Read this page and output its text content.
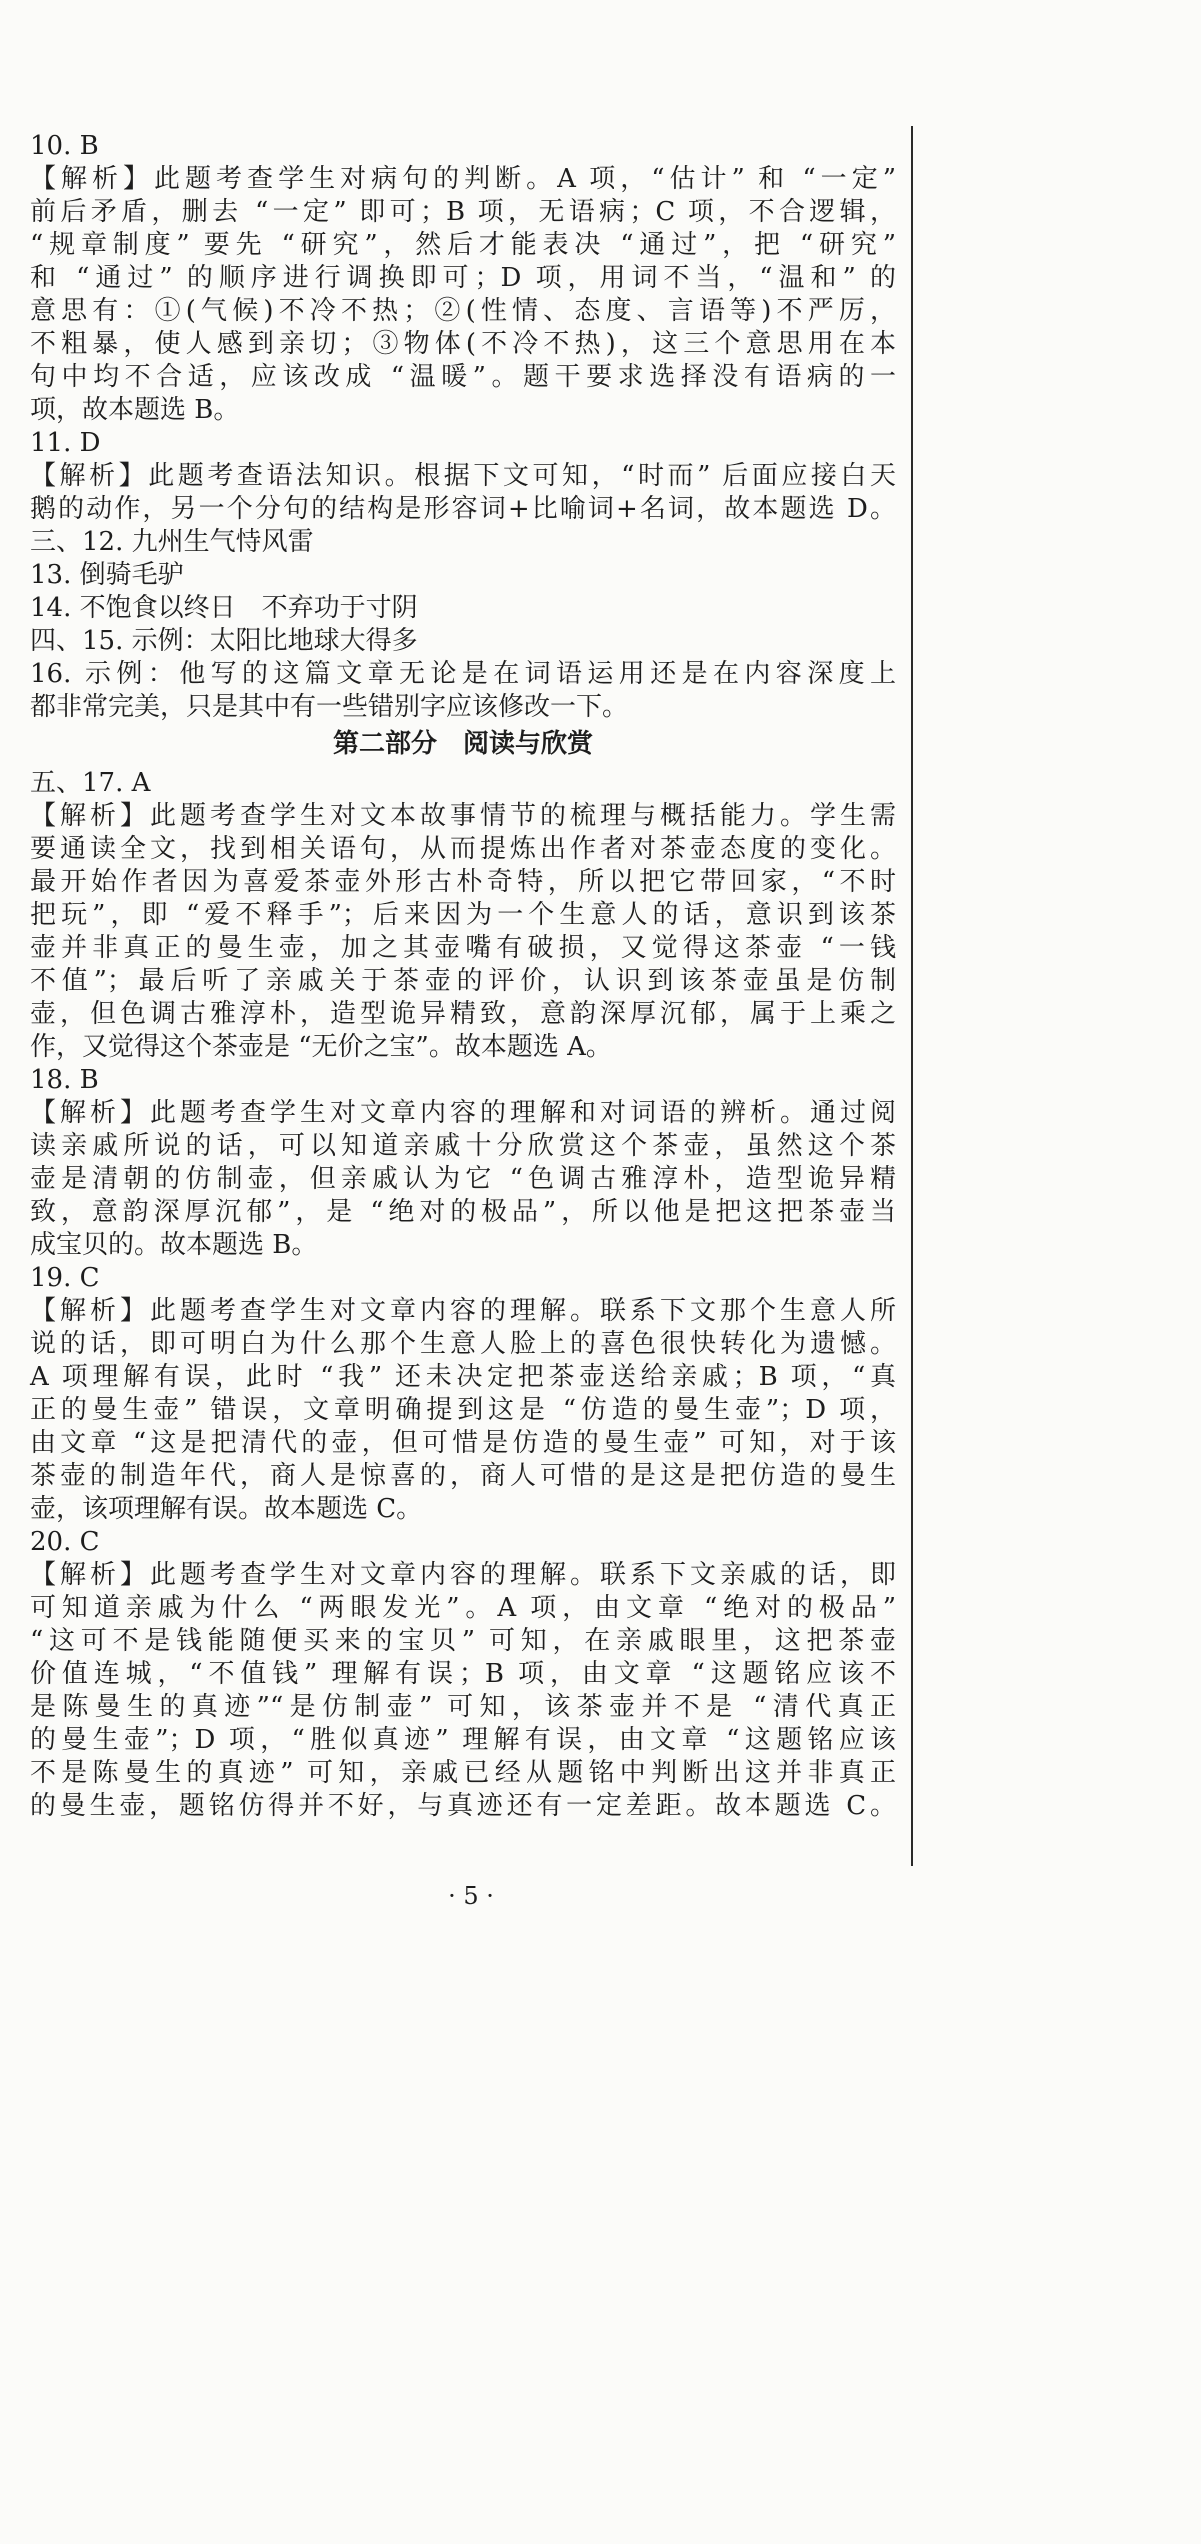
10. B
【解析】此题考查学生对病句的判断。A 项，“估计” 和 “一定”
前后矛盾，删去 “一定” 即可；B 项，无语病；C 项，不合逻辑，
“规章制度” 要先 “研究”，然后才能表决 “通过”，把 “研究”
和 “通过” 的顺序进行调换即可；D 项，用词不当，“温和” 的
意思有：①(气候)不冷不热；②(性情、态度、言语等)不严厉，
不粗暴，使人感到亲切；③物体(不冷不热)，这三个意思用在本
句中均不合适，应该改成 “温暖”。题干要求选择没有语病的一
项，故本题选 B。
11. D
【解析】此题考查语法知识。根据下文可知，“时而” 后面应接白天
鹅的动作，另一个分句的结构是形容词+比喻词+名词，故本题选 D。
三、12. 九州生气恃风雷
13. 倒骑毛驴
14. 不饱食以终日　不弃功于寸阴
四、15. 示例：太阳比地球大得多
16. 示例：他写的这篇文章无论是在词语运用还是在内容深度上
都非常完美，只是其中有一些错别字应该修改一下。
第二部分　阅读与欣赏
五、17. A
【解析】此题考查学生对文本故事情节的梳理与概括能力。学生需
要通读全文，找到相关语句，从而提炼出作者对茶壶态度的变化。
最开始作者因为喜爱茶壶外形古朴奇特，所以把它带回家，“不时
把玩”，即 “爱不释手”；后来因为一个生意人的话，意识到该茶
壶并非真正的曼生壶，加之其壶嘴有破损，又觉得这茶壶 “一钱
不值”；最后听了亲戚关于茶壶的评价，认识到该茶壶虽是仿制
壶，但色调古雅淳朴，造型诡异精致，意韵深厚沉郁，属于上乘之
作，又觉得这个茶壶是 “无价之宝”。故本题选 A。
18. B
【解析】此题考查学生对文章内容的理解和对词语的辨析。通过阅
读亲戚所说的话，可以知道亲戚十分欣赏这个茶壶，虽然这个茶
壶是清朝的仿制壶，但亲戚认为它 “色调古雅淳朴，造型诡异精
致，意韵深厚沉郁”，是 “绝对的极品”，所以他是把这把茶壶当
成宝贝的。故本题选 B。
19. C
【解析】此题考查学生对文章内容的理解。联系下文那个生意人所
说的话，即可明白为什么那个生意人脸上的喜色很快转化为遗憾。
A 项理解有误，此时 “我” 还未决定把茶壶送给亲戚；B 项，“真
正的曼生壶” 错误，文章明确提到这是 “仿造的曼生壶”；D 项，
由文章 “这是把清代的壶，但可惜是仿造的曼生壶” 可知，对于该
茶壶的制造年代，商人是惊喜的，商人可惜的是这是把仿造的曼生
壶，该项理解有误。故本题选 C。
20. C
【解析】此题考查学生对文章内容的理解。联系下文亲戚的话，即
可知道亲戚为什么 “两眼发光”。A 项，由文章 “绝对的极品”
“这可不是钱能随便买来的宝贝” 可知，在亲戚眼里，这把茶壶
价值连城，“不值钱” 理解有误；B 项，由文章 “这题铭应该不
是陈曼生的真迹”“是仿制壶” 可知，该茶壶并不是 “清代真正
的曼生壶”；D 项，“胜似真迹” 理解有误，由文章 “这题铭应该
不是陈曼生的真迹” 可知，亲戚已经从题铭中判断出这并非真正
的曼生壶，题铭仿得并不好，与真迹还有一定差距。故本题选 C。
· 5 ·
